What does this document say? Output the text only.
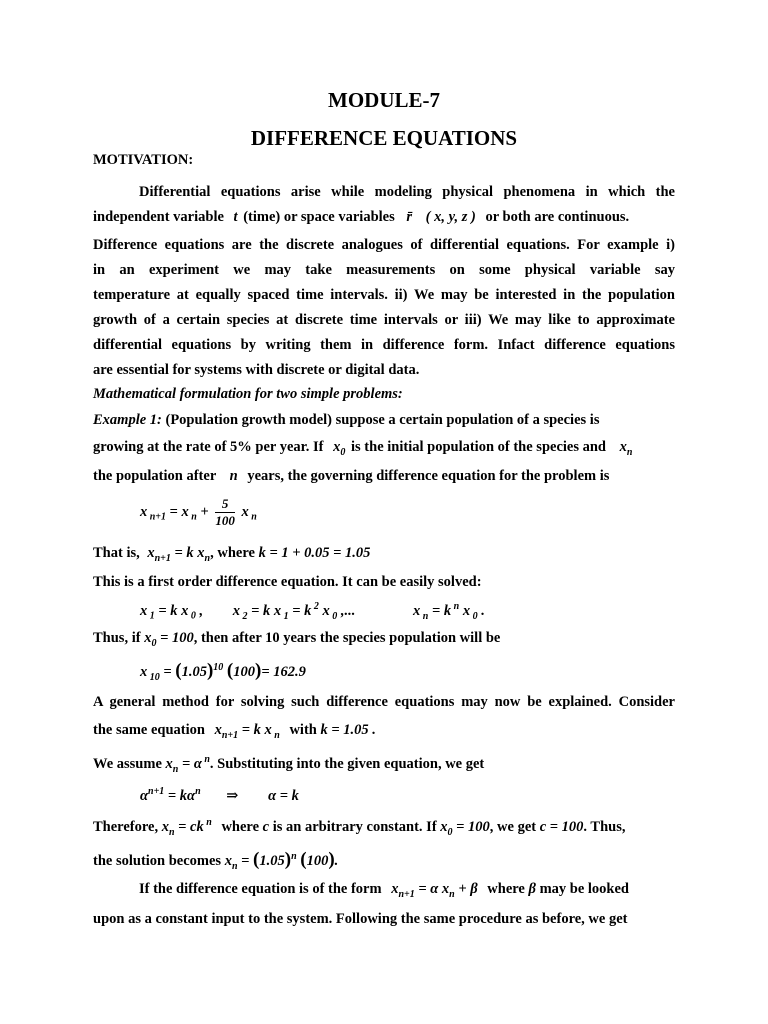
MODULE-7
DIFFERENCE EQUATIONS
MOTIVATION:
Differential equations arise while modeling physical phenomena in which the
independent variable t (time) or space variables r̄ ( x, y, z ) or both are continuous.
Difference equations are the discrete analogues of differential equations. For example i)
in an experiment we may take measurements on some physical variable say
temperature at equally spaced time intervals. ii) We may be interested in the population
growth of a certain species at discrete time intervals or iii) We may like to approximate
differential equations by writing them in difference form. Infact difference equations
are essential for systems with discrete or digital data.
Mathematical formulation for two simple problems:
Example 1: (Population growth model) suppose a certain population of a species is
growing at the rate of 5% per year. If $x_0$ is the initial population of the species and $x_n$
the population after n years, the governing difference equation for the problem is
x $_{n+1}$ = x $_n + \frac{5}{100}$ x $_n$
That is, $x_{n+1} = k$ $x_n$, where k = 1 + 0.05 = 1.05
This is a first order difference equation. It can be easily solved:
x $_1$ = k x $_0$ , x $_2$ = k x $_1$ = k $^2$ x $_0$ ,...	x $_n$ = k $^n$ x $_0$ .
Thus, if $x_0 = 100$, then after 10 years the species population will be
x $_{10} = (1.05)^{10}$ (100)= 162.9
A general method for solving such difference equations may now be explained. Consider
the same equation $x_{n+1} = k$ x $_n$ with k = 1.05 .
We assume $x_n = \alpha$ $^n$. Substituting into the given equation, we get
$\alpha^{n+1} = k\alpha^n$ ⇒ α = k
Therefore, $x_n$ = ck $^n$ where c is an arbitrary constant. If $x_0 = 100$, we get c = 100. Thus,
the solution becomes $x_n = (1.05)^n$ (100).
If the difference equation is of the form $x_{n+1} = \alpha$ $x_n + \beta$ where β may be looked
upon as a constant input to the system. Following the same procedure as before, we get
